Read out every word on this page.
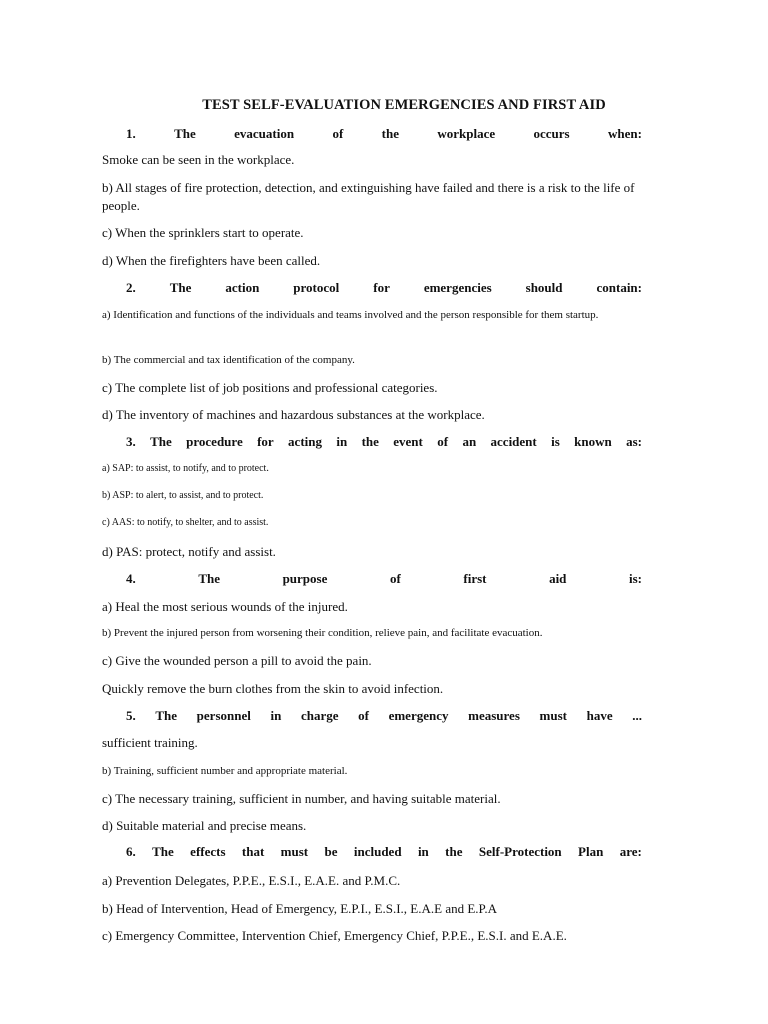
TEST SELF-EVALUATION EMERGENCIES AND FIRST AID
1.	The	evacuation	of	the	workplace	occurs	when:
Smoke can be seen in the workplace.
b) All stages of fire protection, detection, and extinguishing have failed and there is a risk to the life of people.
c) When the sprinklers start to operate.
d) When the firefighters have been called.
2.	The	action	protocol	for	emergencies	should	contain:
a) Identification and functions of the individuals and teams involved and the person responsible for them startup.
b) The commercial and tax identification of the company.
c) The complete list of job positions and professional categories.
d) The inventory of machines and hazardous substances at the workplace.
3. The procedure for acting in the event of an accident is known as:
a) SAP: to assist, to notify, and to protect.
b) ASP: to alert, to assist, and to protect.
c) AAS: to notify, to shelter, and to assist.
d) PAS: protect, notify and assist.
4.	The	purpose	of	first	aid	is:
a) Heal the most serious wounds of the injured.
b) Prevent the injured person from worsening their condition, relieve pain, and facilitate evacuation.
c) Give the wounded person a pill to avoid the pain.
Quickly remove the burn clothes from the skin to avoid infection.
5. The personnel in charge of emergency measures must have ...
sufficient training.
b) Training, sufficient number and appropriate material.
c) The necessary training, sufficient in number, and having suitable material.
d) Suitable material and precise means.
6. The effects that must be included in the Self-Protection Plan are:
a) Prevention Delegates, P.P.E., E.S.I., E.A.E. and P.M.C.
b) Head of Intervention, Head of Emergency, E.P.I., E.S.I., E.A.E and E.P.A
c) Emergency Committee, Intervention Chief, Emergency Chief, P.P.E., E.S.I. and E.A.E.
